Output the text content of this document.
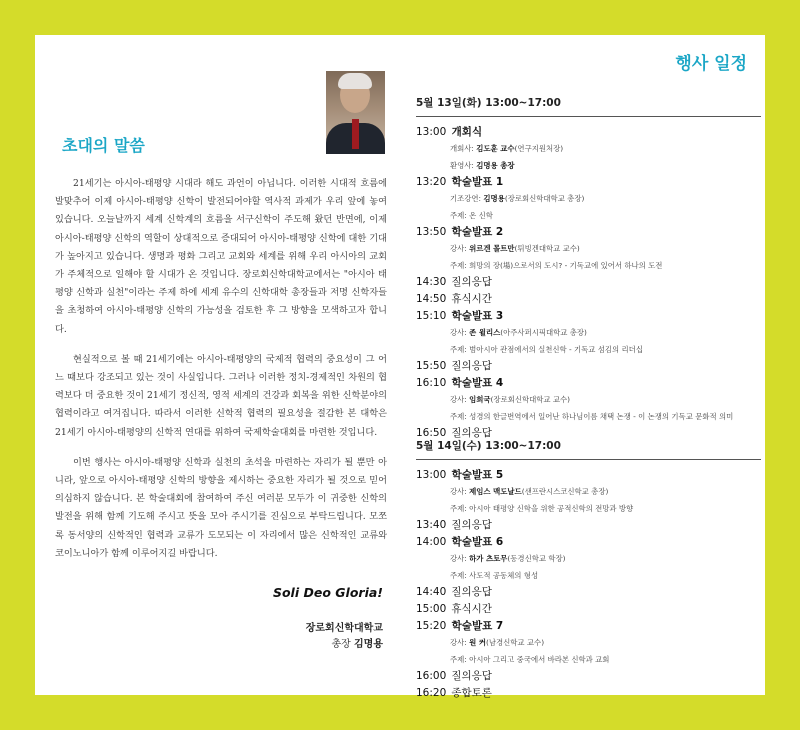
행사 일정
초대의 말씀

21세기는 아시아-태평양 시대라 해도 과언이 아닙니다. 이러한 시대적 흐름에 발맞추어 이제 아시아-태평양 신학이 발전되어야할 역사적 과제가 우리 앞에 놓여 있습니다. 오늘날까지 세계 신학계의 흐름을 서구신학이 주도해 왔던 반면에, 이제 아시아-태평양 신학의 역할이 상대적으로 증대되어 아시아-태평양 신학에 대한 기대가 높아지고 있습니다. 생명과 평화 그리고 교회와 세계를 위해 우리 아시아의 교회가 주체적으로 일해야 할 시대가 온 것입니다. 장로회신학대학교에서는 "아시아 태평양 신학과 실천"이라는 주제 하에 세계 유수의 신학대학 총장들과 저명 신학자들을 초청하여 아시아-태평양 신학의 가능성을 검토한 후 그 방향을 모색하고자 합니다.

현실적으로 볼 때 21세기에는 아시아-태평양의 국제적 협력의 중요성이 그 어느 때보다 강조되고 있는 것이 사실입니다. 그러나 이러한 정치-경제적인 차원의 협력보다 더 중요한 것이 21세기 정신적, 영적 세계의 건강과 회복을 위한 신학분야의 협력이라고 여겨집니다. 따라서 이러한 신학적 협력의 필요성을 절감한 본 대학은 21세기 아시아-태평양의 신학적 연대를 위하여 국제학술대회를 마련한 것입니다.

이번 행사는 아시아-태평양 신학과 실천의 초석을 마련하는 자리가 될 뿐만 아니라, 앞으로 아시아-태평양 신학의 방향을 제시하는 중요한 자리가 될 것으로 믿어 의심하지 않습니다. 본 학술대회에 참여하여 주신 여러분 모두가 이 귀중한 신학의 발전을 위해 함께 기도해 주시고 뜻을 모아 주시기를 진심으로 부탁드립니다. 모쪼록 동서양의 신학적인 협력과 교류가 도모되는 이 자리에서 많은 신학적인 교류와 코이노니아가 함께 이루어지길 바랍니다.

Soli Deo Gloria!
장로회신학대학교
총장 김명용
5월 13일(화) 13:00~17:00
13:00 개회식
개회사: 김도훈 교수(연구지원처장)
환영사: 김명용 총장
13:20 학술발표 1
기조강연: 김명용(장로회신학대학교 총장)
주제: 온 신학
13:50 학술발표 2
강사: 위르겐 몰트만(튀빙겐대학교 교수)
주제: 희망의 장(場)으로서의 도시? - 기독교에 있어서 하나의 도전
14:30 질의응답
14:50 휴식시간
15:10 학술발표 3
강사: 존 윌리스(아주사퍼시픽대학교 총장)
주제: 범아시아 관점에서의 실천신학 - 기독교 섬김의 리더십
15:50 질의응답
16:10 학술발표 4
강사: 임희국(장로회신학대학교 교수)
주제: 성경의 한글번역에서 일어난 하나님이름 채택 논쟁 - 이 논쟁의 기독교 문화적 의미
16:50 질의응답
5월 14일(수) 13:00~17:00
13:00 학술발표 5
강사: 제임스 맥도날드(샌프란시스코신학교 총장)
주제: 아시아 태평양 신학을 위한 공적신학의 전망과 방향
13:40 질의응답
14:00 학술발표 6
강사: 하가 츠토무(동경신학교 학장)
주제: 사도적 공동체의 형성
14:40 질의응답
15:00 휴식시간
15:20 학술발표 7
강사: 원 커(남경신학교 교수)
주제: 아시아 그리고 중국에서 바라본 신학과 교회
16:00 질의응답
16:20 종합토론
